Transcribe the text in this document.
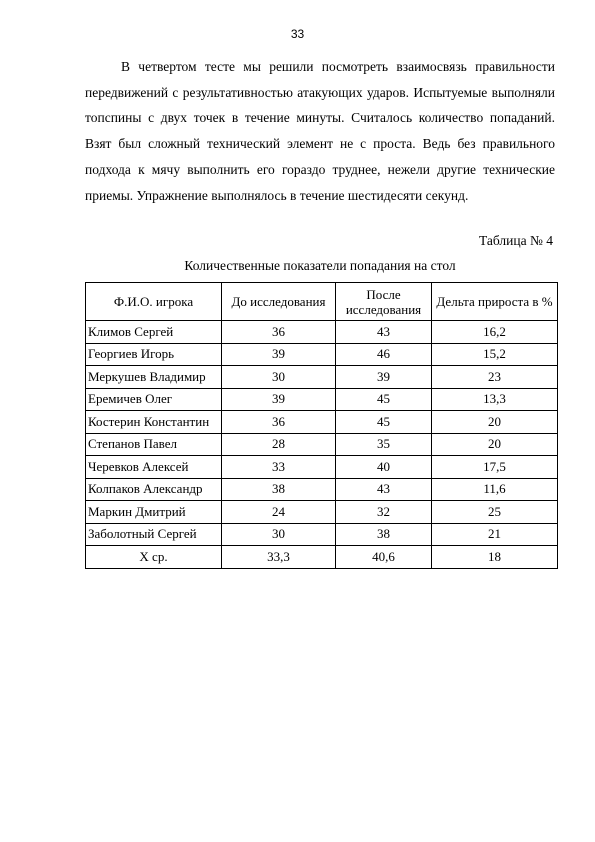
33

В четвертом тесте мы решили посмотреть взаимосвязь правильности передвижений с результативностью атакующих ударов. Испытуемые выполняли топспины с двух точек в течение минуты. Считалось количество попаданий. Взят был сложный технический элемент не с проста. Ведь без правильного подхода к мячу выполнить его гораздо труднее, нежели другие технические приемы. Упражнение выполнялось в течение шестидесяти секунд.

Таблица № 4
Количественные показатели попадания на стол
Ф.И.О. игрока	До исследования	После исследования	Дельта прироста в %
Климов Сергей	36	43	16,2
Георгиев Игорь	39	46	15,2
Меркушев Владимир	30	39	23
Еремичев Олег	39	45	13,3
Костерин Константин	36	45	20
Степанов Павел	28	35	20
Черевков Алексей	33	40	17,5
Колпаков Александр	38	43	11,6
Маркин Дмитрий	24	32	25
Заболотный Сергей	30	38	21
Х ср.	33,3	40,6	18
